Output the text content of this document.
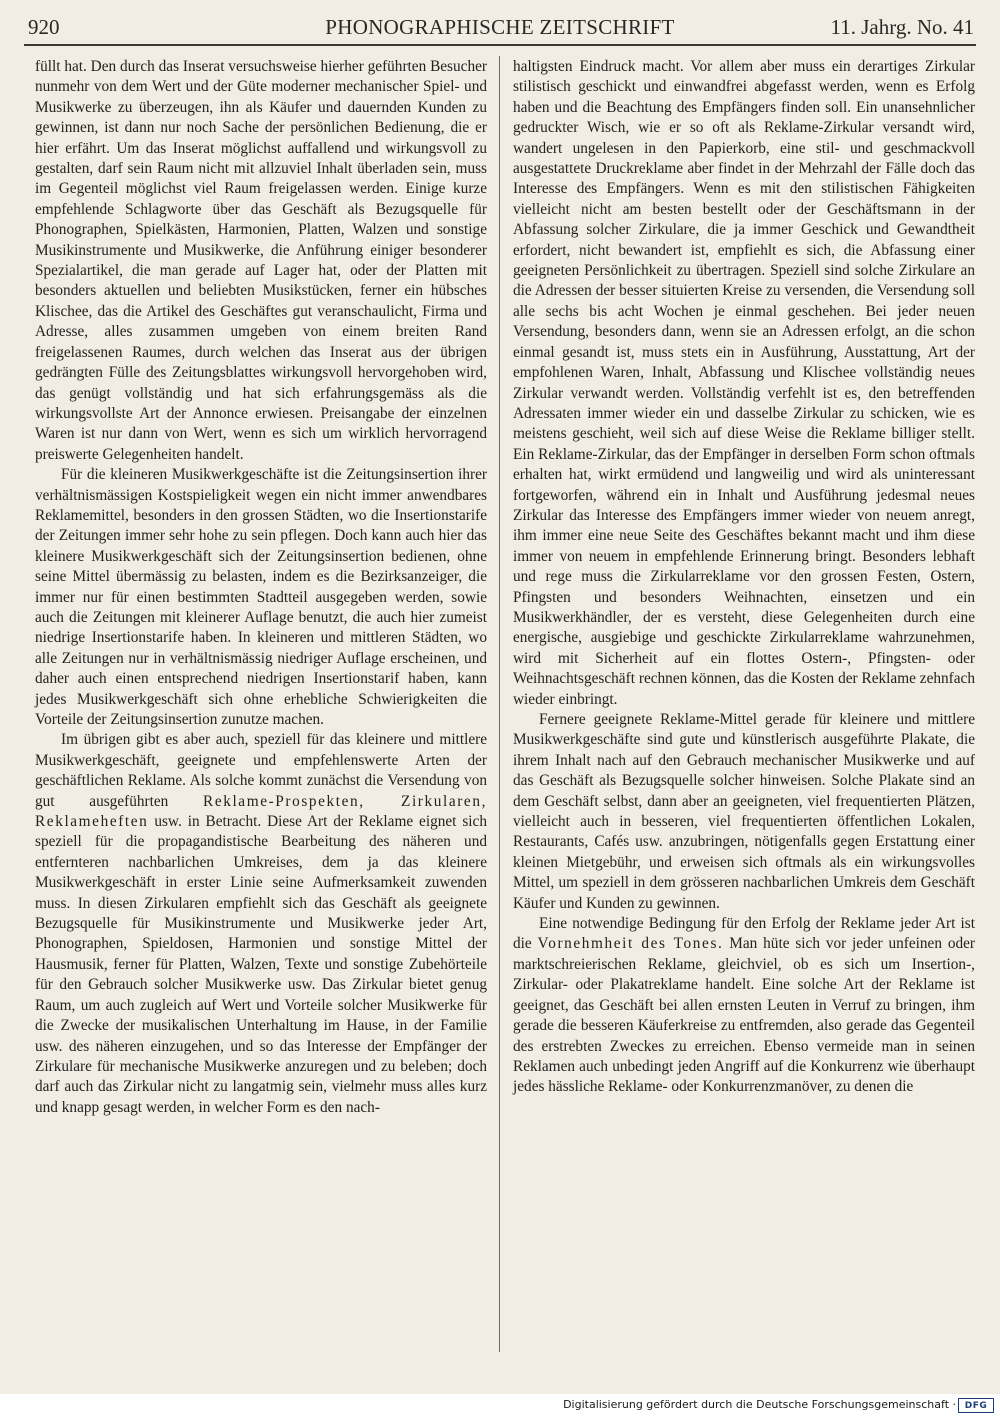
920	PHONOGRAPHISCHE ZEITSCHRIFT	11. Jahrg. No. 41

füllt hat. Den durch das Inserat versuchsweise hierher geführten Besucher nunmehr von dem Wert und der Güte moderner mechanischer Spiel- und Musikwerke zu überzeugen, ihn als Käufer und dauernden Kunden zu gewinnen, ist dann nur noch Sache der persönlichen Bedienung, die er hier erfährt. Um das Inserat möglichst auffallend und wirkungsvoll zu gestalten, darf sein Raum nicht mit allzuviel Inhalt überladen sein, muss im Gegenteil möglichst viel Raum freigelassen werden. Einige kurze empfehlende Schlagworte über das Geschäft als Bezugsquelle für Phonographen, Spielkästen, Harmonien, Platten, Walzen und sonstige Musikinstrumente und Musikwerke, die Anführung einiger besonderer Spezialartikel, die man gerade auf Lager hat, oder der Platten mit besonders aktuellen und beliebten Musikstücken, ferner ein hübsches Klischee, das die Artikel des Geschäftes gut veranschaulicht, Firma und Adresse, alles zusammen umgeben von einem breiten Rand freigelassenen Raumes, durch welchen das Inserat aus der übrigen gedrängten Fülle des Zeitungsblattes wirkungsvoll hervorgehoben wird, das genügt vollständig und hat sich erfahrungsgemäss als die wirkungsvollste Art der Annonce erwiesen. Preisangabe der einzelnen Waren ist nur dann von Wert, wenn es sich um wirklich hervorragend preiswerte Gelegenheiten handelt.

Für die kleineren Musikwerkgeschäfte ist die Zeitungsinsertion ihrer verhältnismässigen Kostspieligkeit wegen ein nicht immer anwendbares Reklamemittel, besonders in den grossen Städten, wo die Insertionstarife der Zeitungen immer sehr hohe zu sein pflegen. Doch kann auch hier das kleinere Musikwerkgeschäft sich der Zeitungsinsertion bedienen, ohne seine Mittel übermässig zu belasten, indem es die Bezirksanzeiger, die immer nur für einen bestimmten Stadtteil ausgegeben werden, sowie auch die Zeitungen mit kleinerer Auflage benutzt, die auch hier zumeist niedrige Insertionstarife haben. In kleineren und mittleren Städten, wo alle Zeitungen nur in verhältnismässig niedriger Auflage erscheinen, und daher auch einen entsprechend niedrigen Insertionstarif haben, kann jedes Musikwerkgeschäft sich ohne erhebliche Schwierigkeiten die Vorteile der Zeitungsinsertion zunutze machen.

Im übrigen gibt es aber auch, speziell für das kleinere und mittlere Musikwerkgeschäft, geeignete und empfehlenswerte Arten der geschäftlichen Reklame. Als solche kommt zunächst die Versendung von gut ausgeführten Reklame-Prospekten, Zirkularen, Reklameheften usw. in Betracht. Diese Art der Reklame eignet sich speziell für die propagandistische Bearbeitung des näheren und entfernteren nachbarlichen Umkreises, dem ja das kleinere Musikwerkgeschäft in erster Linie seine Aufmerksamkeit zuwenden muss. In diesen Zirkularen empfiehlt sich das Geschäft als geeignete Bezugsquelle für Musikinstrumente und Musikwerke jeder Art, Phonographen, Spieldosen, Harmonien und sonstige Mittel der Hausmusik, ferner für Platten, Walzen, Texte und sonstige Zubehörteile für den Gebrauch solcher Musikwerke usw. Das Zirkular bietet genug Raum, um auch zugleich auf Wert und Vorteile solcher Musikwerke für die Zwecke der musikalischen Unterhaltung im Hause, in der Familie usw. des näheren einzugehen, und so das Interesse der Empfänger der Zirkulare für mechanische Musikwerke anzuregen und zu beleben; doch darf auch das Zirkular nicht zu langatmig sein, vielmehr muss alles kurz und knapp gesagt werden, in welcher Form es den nach-

haltigsten Eindruck macht. Vor allem aber muss ein derartiges Zirkular stilistisch geschickt und einwandfrei abgefasst werden, wenn es Erfolg haben und die Beachtung des Empfängers finden soll. Ein unansehnlicher gedruckter Wisch, wie er so oft als Reklame-Zirkular versandt wird, wandert ungelesen in den Papierkorb, eine stil- und geschmackvoll ausgestattete Druckreklame aber findet in der Mehrzahl der Fälle doch das Interesse des Empfängers. Wenn es mit den stilistischen Fähigkeiten vielleicht nicht am besten bestellt oder der Geschäftsmann in der Abfassung solcher Zirkulare, die ja immer Geschick und Gewandtheit erfordert, nicht bewandert ist, empfiehlt es sich, die Abfassung einer geeigneten Persönlichkeit zu übertragen. Speziell sind solche Zirkulare an die Adressen der besser situierten Kreise zu versenden, die Versendung soll alle sechs bis acht Wochen je einmal geschehen. Bei jeder neuen Versendung, besonders dann, wenn sie an Adressen erfolgt, an die schon einmal gesandt ist, muss stets ein in Ausführung, Ausstattung, Art der empfohlenen Waren, Inhalt, Abfassung und Klischee vollständig neues Zirkular verwandt werden. Vollständig verfehlt ist es, den betreffenden Adressaten immer wieder ein und dasselbe Zirkular zu schicken, wie es meistens geschieht, weil sich auf diese Weise die Reklame billiger stellt. Ein Reklame-Zirkular, das der Empfänger in derselben Form schon oftmals erhalten hat, wirkt ermüdend und langweilig und wird als uninteressant fortgeworfen, während ein in Inhalt und Ausführung jedesmal neues Zirkular das Interesse des Empfängers immer wieder von neuem anregt, ihm immer eine neue Seite des Geschäftes bekannt macht und ihm diese immer von neuem in empfehlende Erinnerung bringt. Besonders lebhaft und rege muss die Zirkularreklame vor den grossen Festen, Ostern, Pfingsten und besonders Weihnachten, einsetzen und ein Musikwerkhändler, der es versteht, diese Gelegenheiten durch eine energische, ausgiebige und geschickte Zirkularreklame wahrzunehmen, wird mit Sicherheit auf ein flottes Ostern-, Pfingsten- oder Weihnachtsgeschäft rechnen können, das die Kosten der Reklame zehnfach wieder einbringt.

Fernere geeignete Reklame-Mittel gerade für kleinere und mittlere Musikwerkgeschäfte sind gute und künstlerisch ausgeführte Plakate, die ihrem Inhalt nach auf den Gebrauch mechanischer Musikwerke und auf das Geschäft als Bezugsquelle solcher hinweisen. Solche Plakate sind an dem Geschäft selbst, dann aber an geeigneten, viel frequentierten Plätzen, vielleicht auch in besseren, viel frequentierten öffentlichen Lokalen, Restaurants, Cafés usw. anzubringen, nötigenfalls gegen Erstattung einer kleinen Mietgebühr, und erweisen sich oftmals als ein wirkungsvolles Mittel, um speziell in dem grösseren nachbarlichen Umkreis dem Geschäft Käufer und Kunden zu gewinnen.

Eine notwendige Bedingung für den Erfolg der Reklame jeder Art ist die Vornehmheit des Tones. Man hüte sich vor jeder unfeinen oder marktschreierischen Reklame, gleichviel, ob es sich um Insertion-, Zirkular- oder Plakatreklame handelt. Eine solche Art der Reklame ist geeignet, das Geschäft bei allen ernsten Leuten in Verruf zu bringen, ihm gerade die besseren Käuferkreise zu entfremden, also gerade das Gegenteil des erstrebten Zweckes zu erreichen. Ebenso vermeide man in seinen Reklamen auch unbedingt jeden Angriff auf die Konkurrenz wie überhaupt jedes hässliche Reklame- oder Konkurrenzmanöver, zu denen die

Digitalisierung gefördert durch die Deutsche Forschungsgemeinschaft · DFG
